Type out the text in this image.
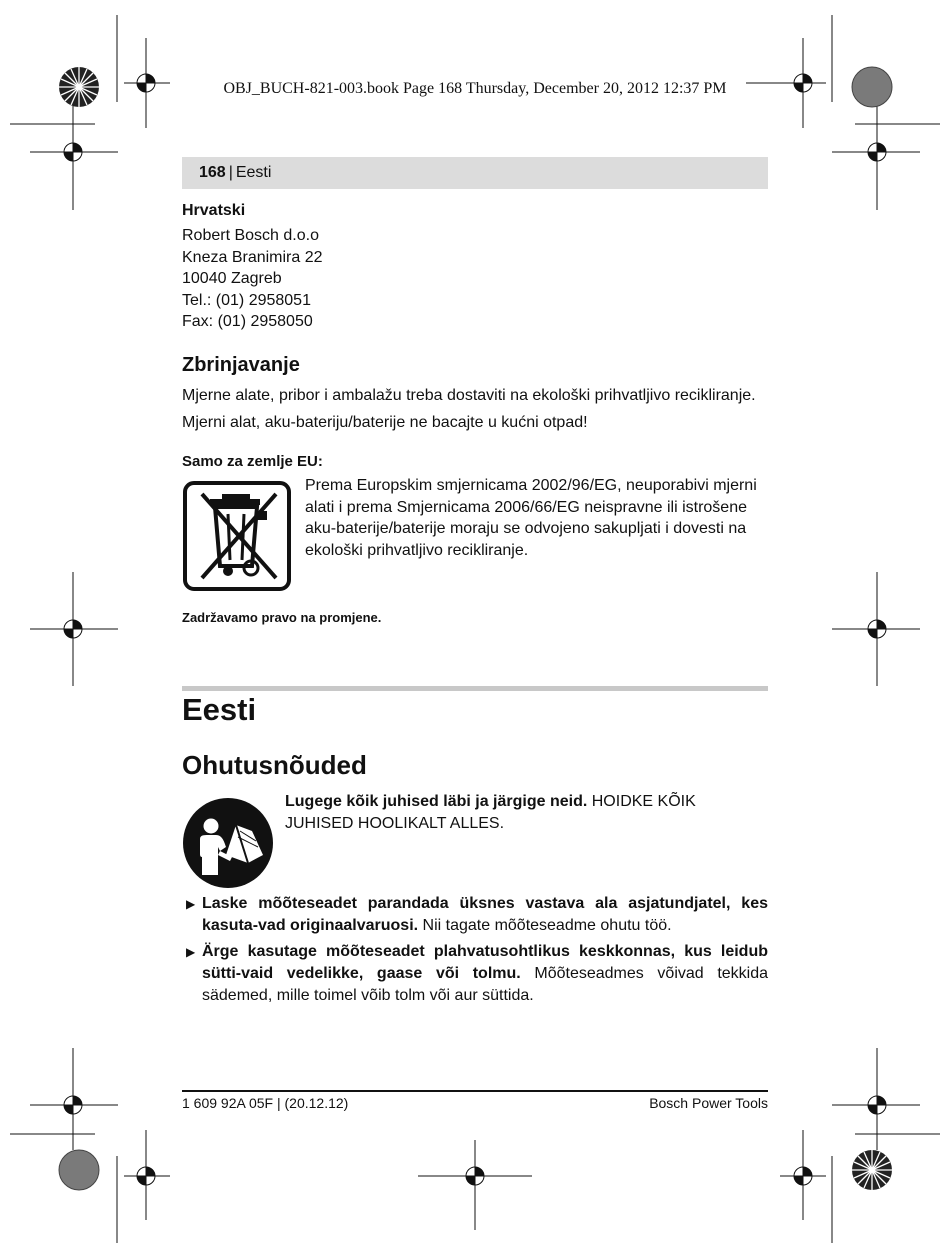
OBJ_BUCH-821-003.book Page 168 Thursday, December 20, 2012 12:37 PM
168 | Eesti
Hrvatski
Robert Bosch d.o.o
Kneza Branimira 22
10040 Zagreb
Tel.: (01) 2958051
Fax: (01) 2958050
Zbrinjavanje
Mjerne alate, pribor i ambalažu treba dostaviti na ekološki prihvatljivo recikliranje.
Mjerni alat, aku-bateriju/baterije ne bacajte u kućni otpad!
Samo za zemlje EU:
Prema Europskim smjernicama 2002/96/EG, neuporabivi mjerni alati i prema Smjernicama 2006/66/EG neispravne ili istrošene aku-baterije/baterije moraju se odvojeno sakupljati i dovesti na ekološki prihvatljivo recikliranje.
Zadržavamo pravo na promjene.
Eesti
Ohutusnõuded
Lugege kõik juhised läbi ja järgige neid. HOIDKE KÕIK JUHISED HOOLIKALT ALLES.
▶ Laske mõõteseadet parandada üksnes vastava ala asjatundjatel, kes kasuta-vad originaalvaruosi. Nii tagate mõõteseadme ohutu töö.
▶ Ärge kasutage mõõteseadet plahvatusohtlikus keskkonnas, kus leidub sütti-vaid vedelikke, gaase või tolmu. Mõõteseadmes võivad tekkida sädemed, mille toimel võib tolm või aur süttida.
1 609 92A 05F | (20.12.12)	Bosch Power Tools
